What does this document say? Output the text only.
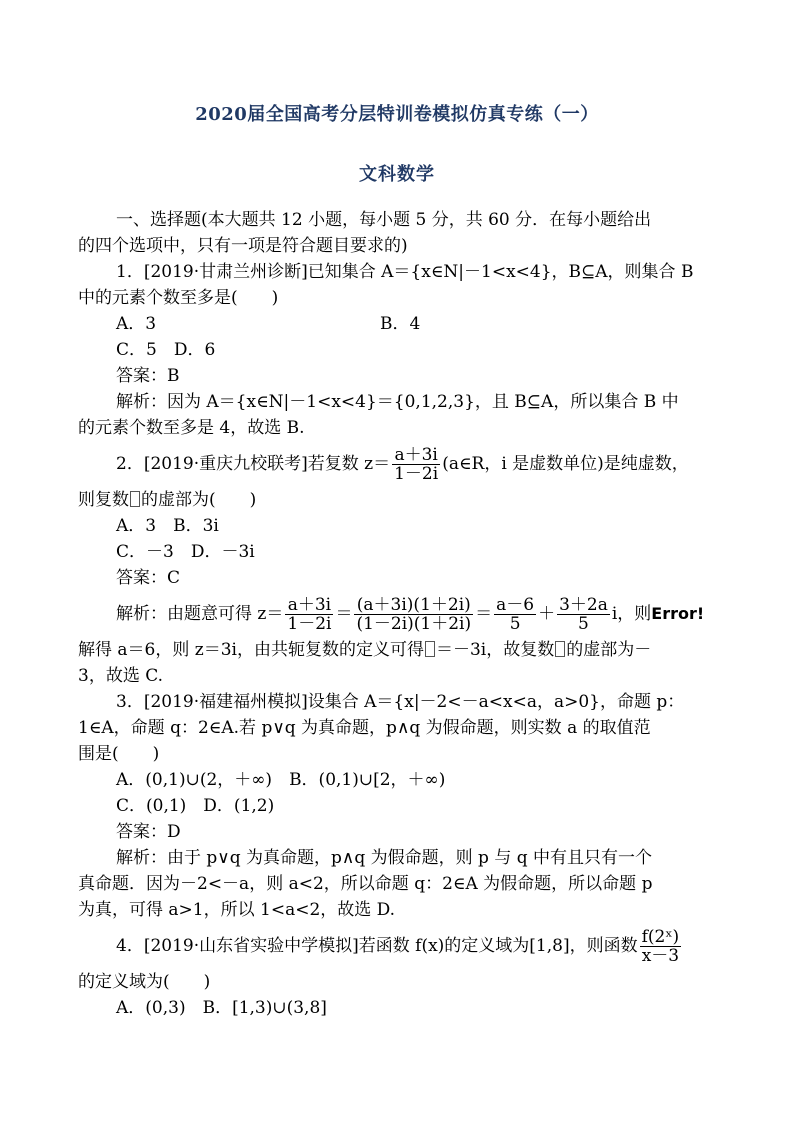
2020届全国高考分层特训卷模拟仿真专练（一）
文科数学

一、选择题(本大题共 12 小题，每小题 5 分，共 60 分．在每小题给出

的四个选项中，只有一项是符合题目要求的)

1．[2019·甘肃兰州诊断]已知集合 A＝{x∈N|－1<x<4}，B⊆A，则集合 B

中的元素个数至多是(　　)

A．3	B．4

C．5　D．6

答案：B

解析：因为 A＝{x∈N|－1<x<4}＝{0,1,2,3}，且 B⊆A，所以集合 B 中

的元素个数至多是 4，故选 B.

2．[2019·重庆九校联考]若复数 $z= \frac{a+3i}{1-2i}$ (a∈R，i 是虚数单位)是纯虚数，

则复数 的虚部为(　　)

A．3　B．3i

C．－3　D．－3i

答案：C

解析：由题意可得 $z= \frac{a+3i}{1-2i} = \frac{(a+3i)(1+2i)}{(1-2i)(1+2i)} = \frac{a-6}{5} + \frac{3+2a}{5}$ i，则 Error!

解得 a＝6，则 z＝3i，由共轭复数的定义可得 ＝－3i，故复数 的虚部为－

3，故选 C.

3．[2019·福建福州模拟]设集合 A＝{x|－2<－a<x<a，a>0}，命题 p：

1∈A，命题 q：2∈A.若 p∨q 为真命题，p∧q 为假命题，则实数 a 的取值范

围是(　　)

A．(0,1)∪(2，＋∞)　B．(0,1)∪[2，＋∞)

C．(0,1)　D．(1,2)

答案：D

解析：由于 p∨q 为真命题，p∧q 为假命题，则 p 与 q 中有且只有一个

真命题．因为－2<－a，则 a<2，所以命题 q：2∈A 为假命题，所以命题 p

为真，可得 a>1，所以 1<a<2，故选 D.

4．[2019·山东省实验中学模拟]若函数 f(x)的定义域为[1,8]，则函数 $\frac{\text{f(2ˣ)}}{x-3}$

的定义域为(　　)

A．(0,3)　B．[1,3)∪(3,8]
